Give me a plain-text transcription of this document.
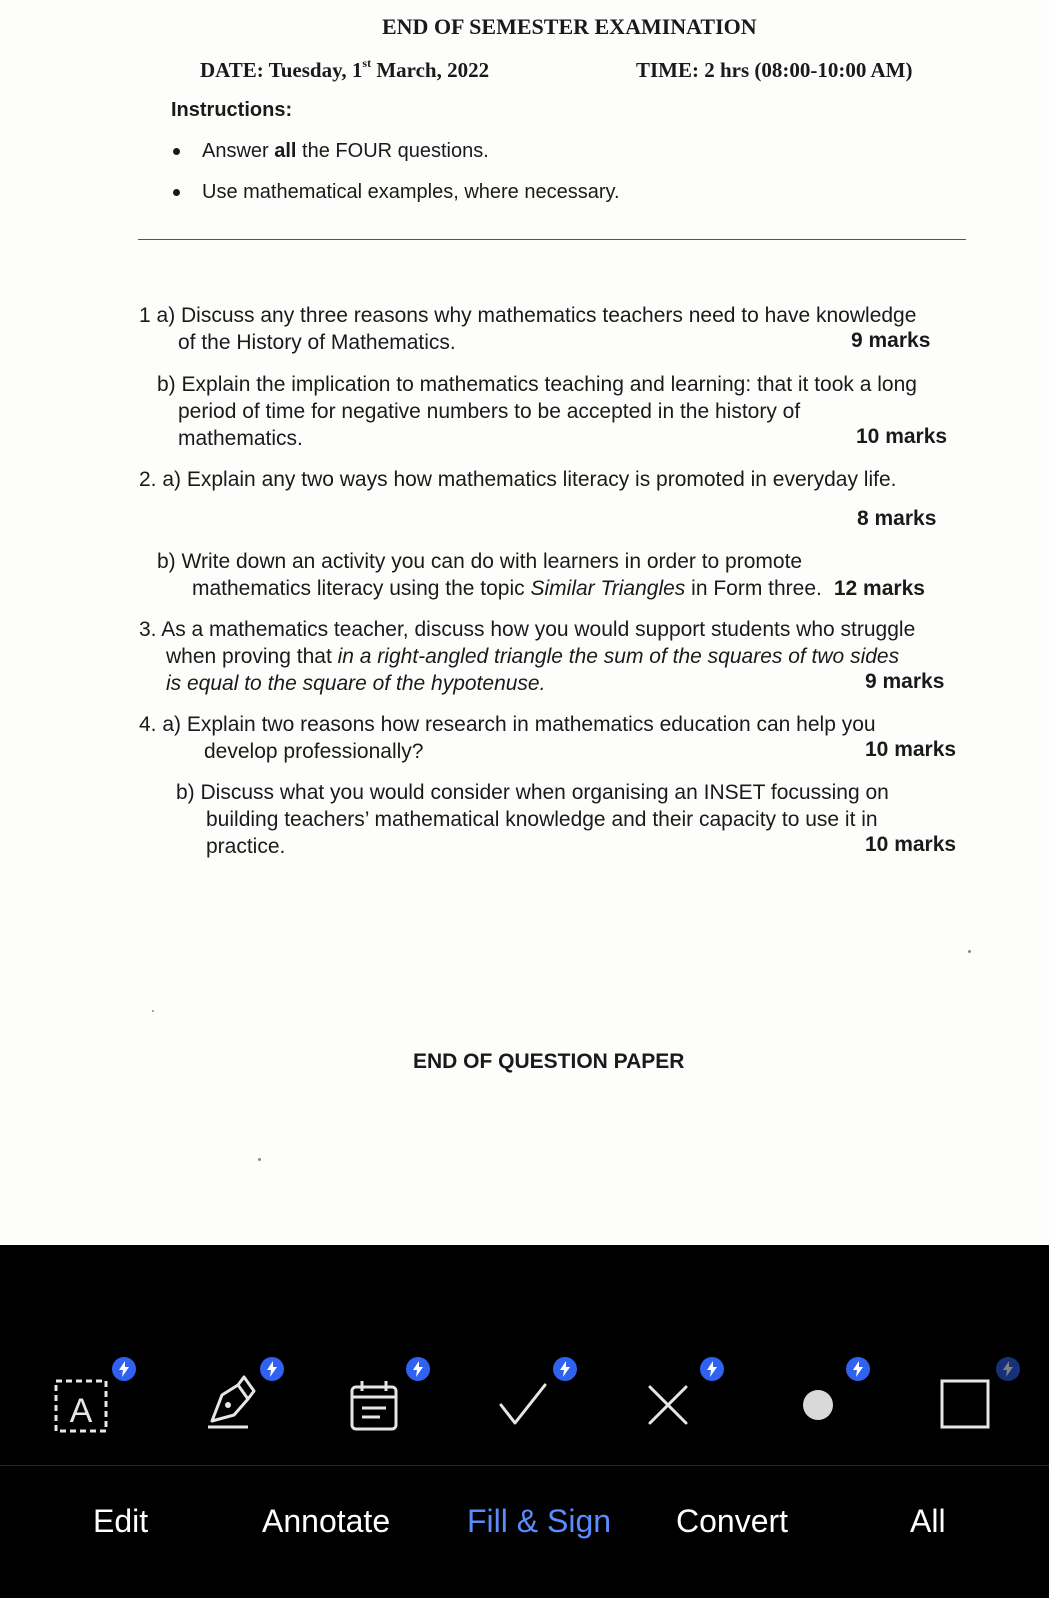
END OF SEMESTER EXAMINATION
DATE: Tuesday, 1st March, 2022	TIME: 2 hrs (08:00-10:00 AM)
Instructions:
Answer all the FOUR questions.
Use mathematical examples, where necessary.
1 a) Discuss any three reasons why mathematics teachers need to have knowledge
of the History of Mathematics.	9 marks
b) Explain the implication to mathematics teaching and learning: that it took a long
period of time for negative numbers to be accepted in the history of
mathematics.	10 marks
2. a) Explain any two ways how mathematics literacy is promoted in everyday life.
8 marks
b) Write down an activity you can do with learners in order to promote
mathematics literacy using the topic Similar Triangles in Form three. 12 marks
3. As a mathematics teacher, discuss how you would support students who struggle
when proving that in a right-angled triangle the sum of the squares of two sides
is equal to the square of the hypotenuse.	9 marks
4. a) Explain two reasons how research in mathematics education can help you
develop professionally?	10 marks
b) Discuss what you would consider when organising an INSET focussing on
building teachers’ mathematical knowledge and their capacity to use it in
practice.	10 marks
END OF QUESTION PAPER
A
Edit	Annotate Fill & Sign Convert	All
